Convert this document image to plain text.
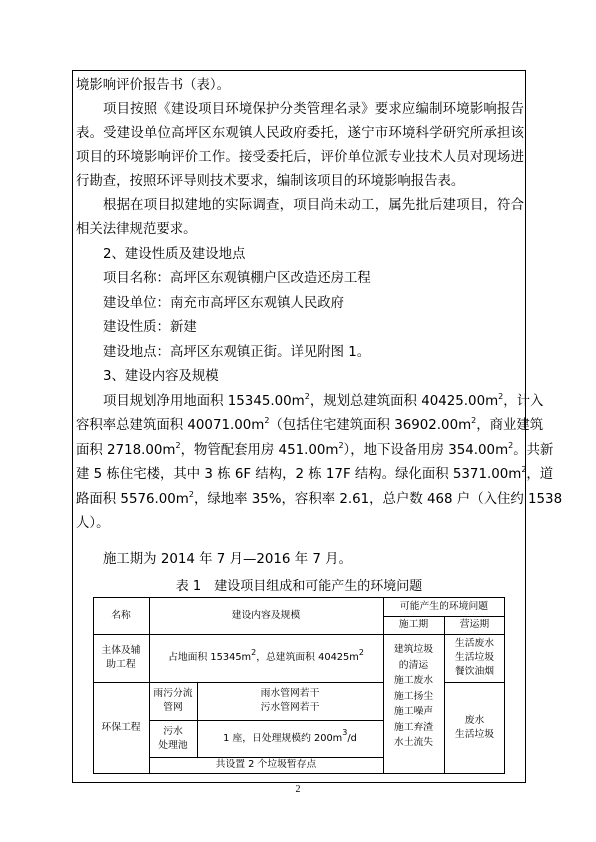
境影响评价报告书（表）。
项目按照《建设项目环境保护分类管理名录》要求应编制环境影响报告
表。受建设单位高坪区东观镇人民政府委托，遂宁市环境科学研究所承担该
项目的环境影响评价工作。接受委托后，评价单位派专业技术人员对现场进
行勘查，按照环评导则技术要求，编制该项目的环境影响报告表。
根据在项目拟建地的实际调查，项目尚未动工，属先批后建项目，符合
相关法律规范要求。
2、建设性质及建设地点
项目名称：高坪区东观镇棚户区改造还房工程
建设单位：南充市高坪区东观镇人民政府
建设性质：新建
建设地点：高坪区东观镇正街。详见附图 1。
3、建设内容及规模
项目规划净用地面积 $15345.00m^2$，规划总建筑面积 $40425.00m^2$，计入
容积率总建筑面积 $40071.00m^2$（包括住宅建筑面积 $36902.00m^2$，商业建筑
面积 $2718.00m^2$，物管配套用房 $451.00m^2$），地下设备用房 $354.00m^2$。共新
建 5 栋住宅楼，其中 3 栋 6F 结构，2 栋 17F 结构。绿化面积 $5371.00m^2$，道
路面积 $5576.00m^2$，绿地率 35%，容积率 2.61，总户数 468 户（入住约 1538
人）。
施工期为 2014 年 7 月—2016 年 7 月。
表 1　建设项目组成和可能产生的环境问题
名称	建设内容及规模
可能产生的环境问题
施工期	营运期
主体及辅助工程
占地面积 $15345m^2$，总建筑面积 $40425m^2$
生活废水
生活垃圾
餐饮油烟
建筑垃圾
的清运
施工废水
施工扬尘
施工噪声
施工弃渣
水土流失
环保工程
雨污分流
管网
雨水管网若干
污水管网若干
污水
处理池
1 座，日处理规模约 $200m^3/d$
共设置 2 个垃圾暂存点
废水
生活垃圾
2
